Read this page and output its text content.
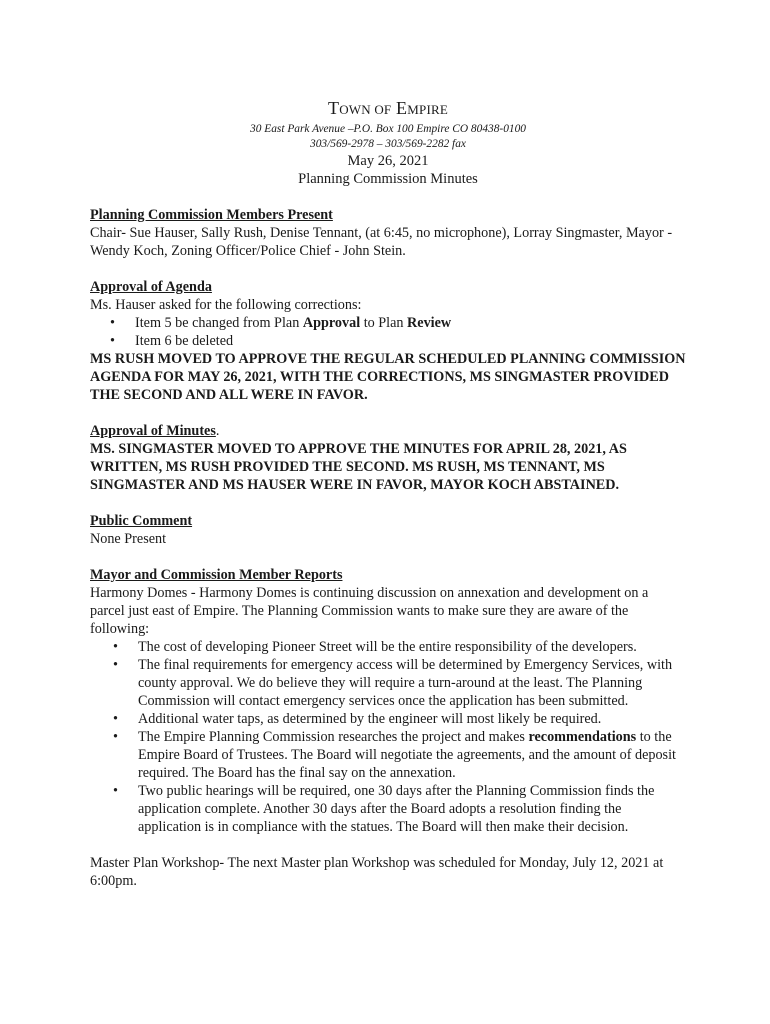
TOWN OF EMPIRE
30 East Park Avenue –P.O. Box 100 Empire CO 80438-0100
303/569-2978 – 303/569-2282 fax
May 26, 2021
Planning Commission Minutes

Planning Commission Members Present

Chair- Sue Hauser, Sally Rush, Denise Tennant, (at 6:45, no microphone), Lorray Singmaster, Mayor - Wendy Koch, Zoning Officer/Police Chief - John Stein.

Approval of Agenda

Ms. Hauser asked for the following corrections:

• Item 5 be changed from Plan Approval to Plan Review
• Item 6 be deleted

MS RUSH MOVED TO APPROVE THE REGULAR SCHEDULED PLANNING COMMISSION AGENDA FOR MAY 26, 2021, WITH THE CORRECTIONS, MS SINGMASTER PROVIDED THE SECOND AND ALL WERE IN FAVOR.

Approval of Minutes.

MS. SINGMASTER MOVED TO APPROVE THE MINUTES FOR APRIL 28, 2021, AS WRITTEN, MS RUSH PROVIDED THE SECOND. MS RUSH, MS TENNANT, MS SINGMASTER AND MS HAUSER WERE IN FAVOR, MAYOR KOCH ABSTAINED.

Public Comment

None Present

Mayor and Commission Member Reports

Harmony Domes - Harmony Domes is continuing discussion on annexation and development on a parcel just east of Empire. The Planning Commission wants to make sure they are aware of the following:

• The cost of developing Pioneer Street will be the entire responsibility of the developers.
• The final requirements for emergency access will be determined by Emergency Services, with county approval. We do believe they will require a turn-around at the least. The Planning Commission will contact emergency services once the application has been submitted.
• Additional water taps, as determined by the engineer will most likely be required.
• The Empire Planning Commission researches the project and makes recommendations to the Empire Board of Trustees. The Board will negotiate the agreements, and the amount of deposit required. The Board has the final say on the annexation.
• Two public hearings will be required, one 30 days after the Planning Commission finds the application complete. Another 30 days after the Board adopts a resolution finding the application is in compliance with the statues. The Board will then make their decision.

Master Plan Workshop- The next Master plan Workshop was scheduled for Monday, July 12, 2021 at 6:00pm.
